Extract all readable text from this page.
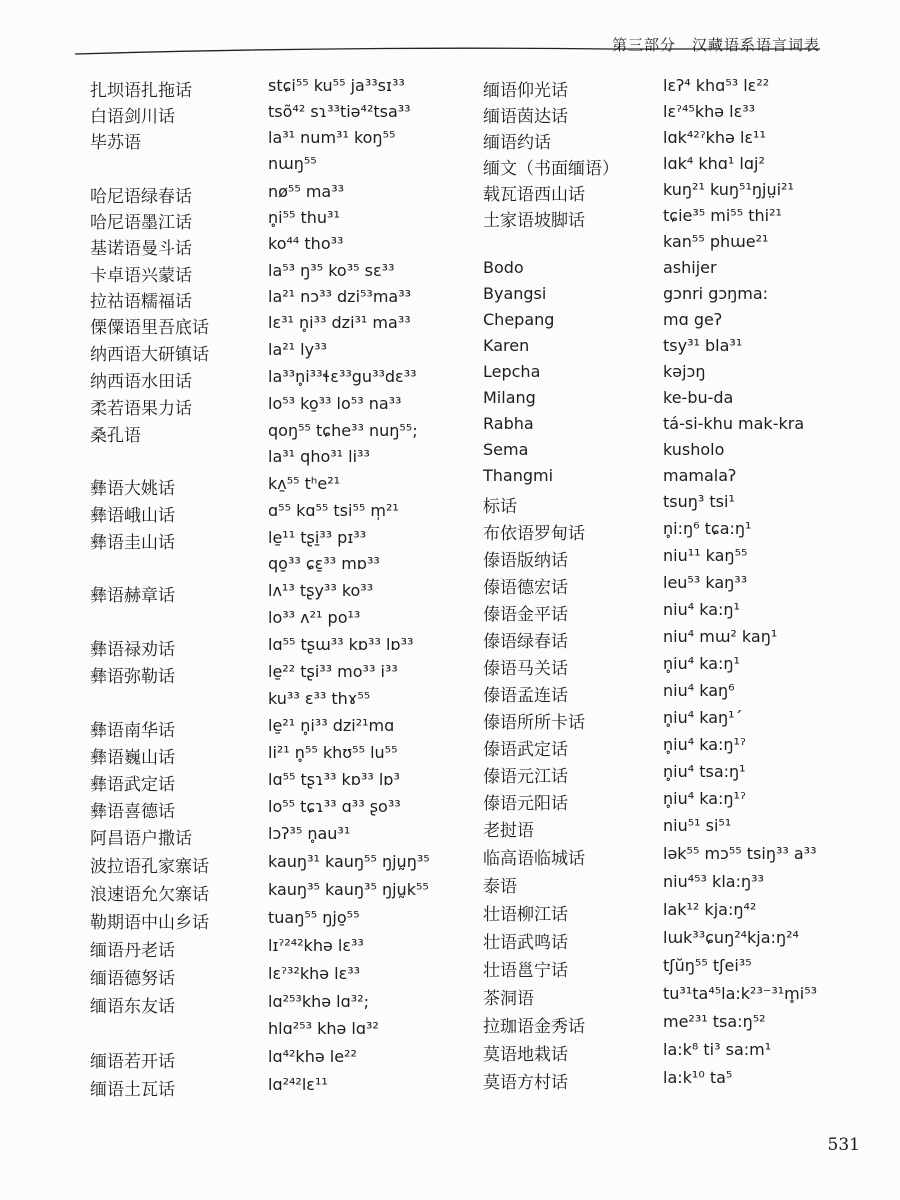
第三部分　汉藏语系语言词表
扎坝语扎拖话	stɕi⁵⁵ ku⁵⁵ ja³³sɪ³³
白语剑川话	tsõ⁴² sɿ³³tiə⁴²tsa³³
毕苏语	la³¹ num³¹ koŋ⁵⁵
nɯŋ⁵⁵
哈尼语绿春话	nø⁵⁵ ma³³
哈尼语墨江话	n̥i⁵⁵ thu³¹
基诺语曼斗话	ko⁴⁴ tho³³
卡卓语兴蒙话	la⁵³ ŋ³⁵ ko³⁵ sɛ³³
拉祜语糯福话	la²¹ nɔ³³ dzi⁵³ma³³
傈僳语里吾底话	lɛ³¹ n̥i³³ dzi³¹ ma³³
纳西语大研镇话	la²¹ ly³³
纳西语水田话	la³³n̥i³³ɬɛ³³gu³³dɛ³³
柔若语果力话	lo⁵³ ko̱³³ lo⁵³ na³³
桑孔语	qoŋ⁵⁵ tɕhe³³ nuŋ⁵⁵;
la³¹ qho³¹ li³³
彝语大姚话	kʌ̱⁵⁵ tʰe²¹
彝语峨山话	ɑ⁵⁵ kɑ⁵⁵ tsi⁵⁵ m̩²¹
彝语圭山话	le̱¹¹ tʂi̱³³ pɪ³³
qo̱³³ ɕɛ̱³³ mɒ³³
彝语赫章话	lʌ¹³ tʂy³³ ko³³
lo³³ ʌ²¹ po¹³
彝语禄劝话	lɑ⁵⁵ tʂɯ³³ kɒ³³ lɒ³³
彝语弥勒话	le̱²² tʂi³³ mo³³ i³³
ku³³ ɛ³³ thɤ⁵⁵
彝语南华话	le̱²¹ n̥i³³ dzi²¹mɑ
彝语巍山话	li²¹ n̥⁵⁵ khʊ⁵⁵ lu⁵⁵
彝语武定话	lɑ⁵⁵ tʂɿ³³ kɒ³³ lɒ³
彝语喜德话	lo⁵⁵ tɕɿ³³ ɑ³³ ʂo³³
阿昌语户撒话	lɔʔ³⁵ n̥au³¹
波拉语孔家寨话	kauŋ³¹ kauŋ⁵⁵ ŋjṵŋ³⁵
浪速语允欠寨话	kauŋ³⁵ kauŋ³⁵ ŋjṵk⁵⁵
勒期语中山乡话	tuaŋ⁵⁵ ŋjo̱⁵⁵
缅语丹老话	lɪˀ²⁴²khə lɛ³³
缅语德努话	lɛˀ³²khə lɛ³³
缅语东友话	lɑ²⁵³khə lɑ³²;
hlɑ²⁵³ khə lɑ³²
缅语若开话	lɑ⁴²khə le²²
缅语土瓦话	lɑ²⁴²lɛ¹¹
缅语仰光话	lɛʔ⁴ khɑ⁵³ lɛ²²
缅语茵达话	lɛˀ⁴⁵khə lɛ³³
缅语约话	lɑk⁴²ˀkhə lɛ¹¹
缅文（书面缅语）	lɑk⁴ khɑ¹ lɑj²
载瓦语西山话	kuŋ²¹ kuŋ⁵¹ŋjṳi²¹
土家语坡脚话	tɕie³⁵ mi⁵⁵ thi²¹
kan⁵⁵ phɯe²¹
Bodo	ashijer
Byangsi	gɔnri gɔŋma:
Chepang	mɑ geʔ
Karen	tsy³¹ bla³¹
Lepcha	kəjɔŋ
Milang	ke-bu-da
Rabha	tá-si-khu mak-kra
Sema	kusholo
Thangmi	mamalaʔ
标话	tsuŋ³ tsi¹
布依语罗甸话	n̥i:ŋ⁶ tɕa:ŋ¹
傣语版纳话	niu¹¹ kaŋ⁵⁵
傣语德宏话	leu⁵³ kaŋ³³
傣语金平话	niu⁴ ka:ŋ¹
傣语绿春话	niu⁴ mɯ² kaŋ¹
傣语马关话	n̥iu⁴ ka:ŋ¹
傣语孟连话	niu⁴ kaŋ⁶
傣语所所卡话	n̥iu⁴ kaŋ¹ˊ
傣语武定话	n̥iu⁴ ka:ŋ¹ˀ
傣语元江话	n̥iu⁴ tsa:ŋ¹
傣语元阳话	n̥iu⁴ ka:ŋ¹ˀ
老挝语	niu⁵¹ si⁵¹
临高语临城话	lək⁵⁵ mɔ⁵⁵ tsiŋ³³ a³³
泰语	niu⁴⁵³ kla:ŋ³³
壮语柳江话	lak¹² kja:ŋ⁴²
壮语武鸣话	lɯk³³ɕuŋ²⁴kja:ŋ²⁴
壮语邕宁话	tʃŭŋ⁵⁵ tʃei³⁵
茶洞语	tu³¹ta⁴⁵la:k²³⁻³¹m̥i⁵³
拉珈语金秀话	me²³¹ tsa:ŋ⁵²
莫语地栽话	la:k⁸ ti³ sa:m¹
莫语方村话	la:k¹⁰ ta⁵
531
